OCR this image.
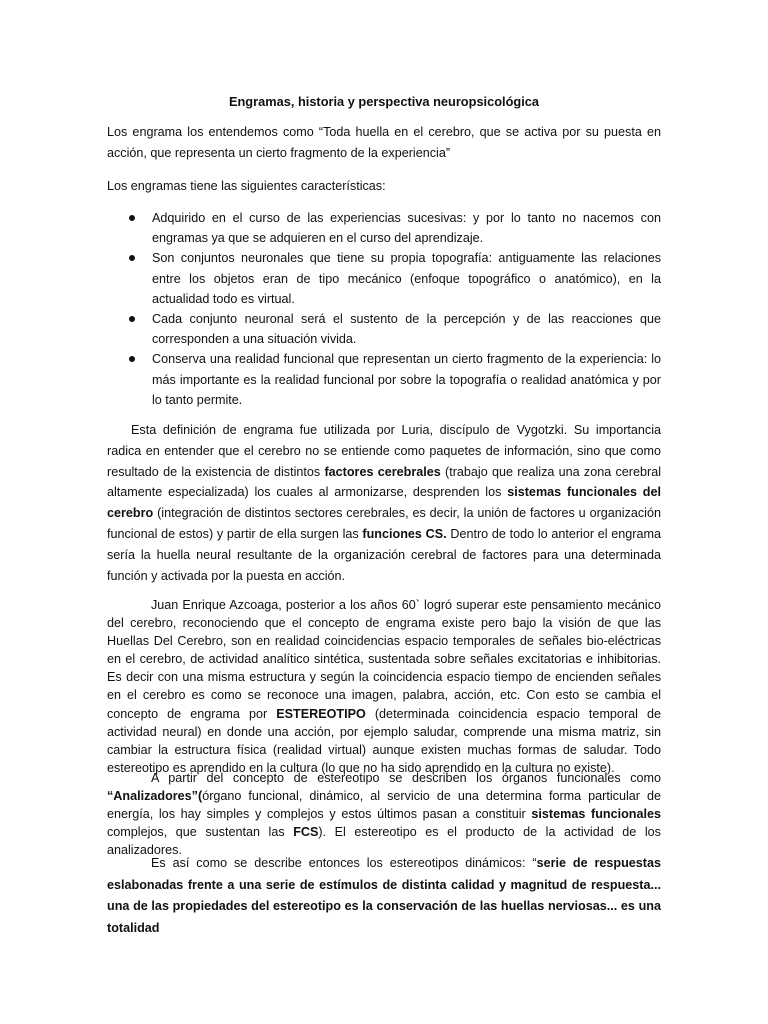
Engramas, historia y perspectiva neuropsicológica

Los engrama los entendemos como “Toda huella en el cerebro, que se activa por su puesta en acción, que representa un cierto fragmento de la experiencia”

Los engramas tiene las siguientes características:

Adquirido en el curso de las experiencias sucesivas: y por lo tanto no nacemos con engramas ya que se adquieren en el curso del aprendizaje.
Son conjuntos neuronales que tiene su propia topografía: antiguamente las relaciones entre los objetos eran de tipo mecánico (enfoque topográfico o anatómico), en la actualidad todo es virtual.
Cada conjunto neuronal será el sustento de la percepción y de las reacciones que corresponden a una situación vivida.
Conserva una realidad funcional que representan un cierto fragmento de la experiencia: lo más importante es la realidad funcional por sobre la topografía o realidad anatómica y por lo tanto permite.

Esta definición de engrama fue utilizada por Luria, discípulo de Vygotzki. Su importancia radica en entender que el cerebro no se entiende como paquetes de información, sino que como resultado de la existencia de distintos factores cerebrales (trabajo que realiza una zona cerebral altamente especializada) los cuales al armonizarse, desprenden los sistemas funcionales del cerebro (integración de distintos sectores cerebrales, es decir, la unión de factores u organización funcional de estos) y partir de ella surgen las funciones CS. Dentro de todo lo anterior el engrama sería la huella neural resultante de la organización cerebral de factores para una determinada función y activada por la puesta en acción.

Juan Enrique Azcoaga, posterior a los años 60` logró superar este pensamiento mecánico del cerebro, reconociendo que el concepto de engrama existe pero bajo la visión de que las Huellas Del Cerebro, son en realidad coincidencias espacio temporales de señales bio-eléctricas en el cerebro, de actividad analítico sintética, sustentada sobre señales excitatorias e inhibitorias. Es decir con una misma estructura y según la coincidencia espacio tiempo de encienden señales en el cerebro es como se reconoce una imagen, palabra, acción, etc. Con esto se cambia el concepto de engrama por ESTEREOTIPO (determinada coincidencia espacio temporal de actividad neural) en donde una acción, por ejemplo saludar, comprende una misma matriz, sin cambiar la estructura física (realidad virtual) aunque existen muchas formas de saludar. Todo estereotipo es aprendido en la cultura (lo que no ha sido aprendido en la cultura no existe).

A partir del concepto de estereotipo se describen los órganos funcionales como “Analizadores”(órgano funcional, dinámico, al servicio de una determina forma particular de energía, los hay simples y complejos y estos últimos pasan a constituir sistemas funcionales complejos, que sustentan las FCS). El estereotipo es el producto de la actividad de los analizadores.

Es así como se describe entonces los estereotipos dinámicos: “serie de respuestas eslabonadas frente a una serie de estímulos de distinta calidad y magnitud de respuesta... una de las propiedades del estereotipo es la conservación de las huellas nerviosas... es una totalidad
